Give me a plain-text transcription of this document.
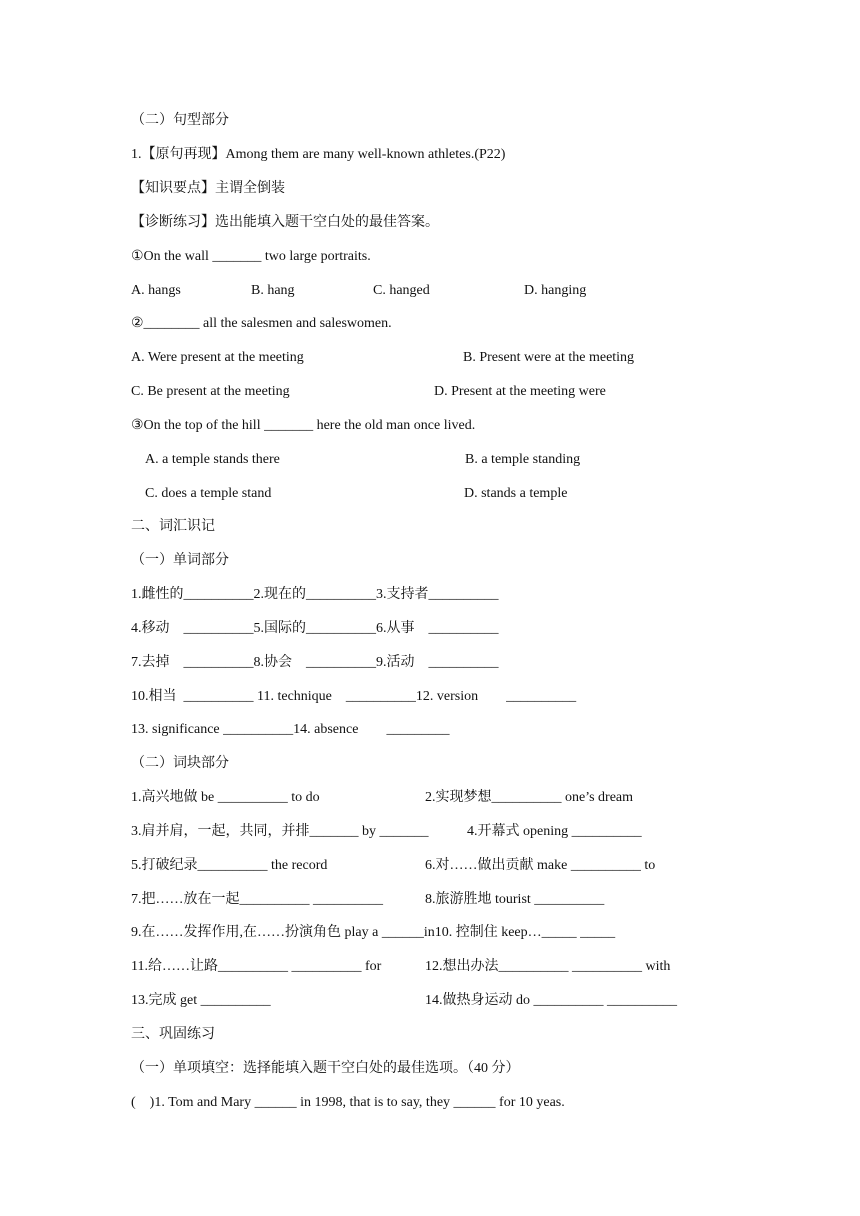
（二）句型部分
1.【原句再现】Among them are many well-known athletes.(P22)
【知识要点】主谓全倒装
【诊断练习】选出能填入题干空白处的最佳答案。
①On the wall _______ two large portraits.
A. hangs	B. hang	C. hanged	D. hanging
②________ all the salesmen and saleswomen.
A. Were present at the meeting	B. Present were at the meeting
C. Be present at the meeting	D. Present at the meeting were
③On the top of the hill _______ here the old man once lived.
A. a temple stands there	B. a temple standing
C. does a temple stand	D. stands a temple
二、词汇识记
（一）单词部分
1.雌性的__________2.现在的__________3.支持者__________
4.移动    __________5.国际的__________6.从事    __________
7.去掉    __________8.协会    __________9.活动    __________
10.相当  __________ 11. technique    __________12. version        __________
13. significance __________14. absence        _________
（二）词块部分
1.高兴地做 be __________ to do	2.实现梦想__________ one’s dream
3.肩并肩，一起，共同，并排_______ by _______	4.开幕式 opening __________
5.打破纪录__________ the record	6.对……做出贡献 make __________ to
7.把……放在一起__________ __________	8.旅游胜地 tourist __________
9.在……发挥作用,在……扮演角色 play a ______in10. 控制住 keep…_____ _____
11.给……让路__________ __________ for	12.想出办法__________ __________ with
13.完成 get __________	14.做热身运动 do __________ __________
三、巩固练习
（一）单项填空：选择能填入题干空白处的最佳选项。（40 分）
(    )1. Tom and Mary ______ in 1998, that is to say, they ______ for 10 yeas.
